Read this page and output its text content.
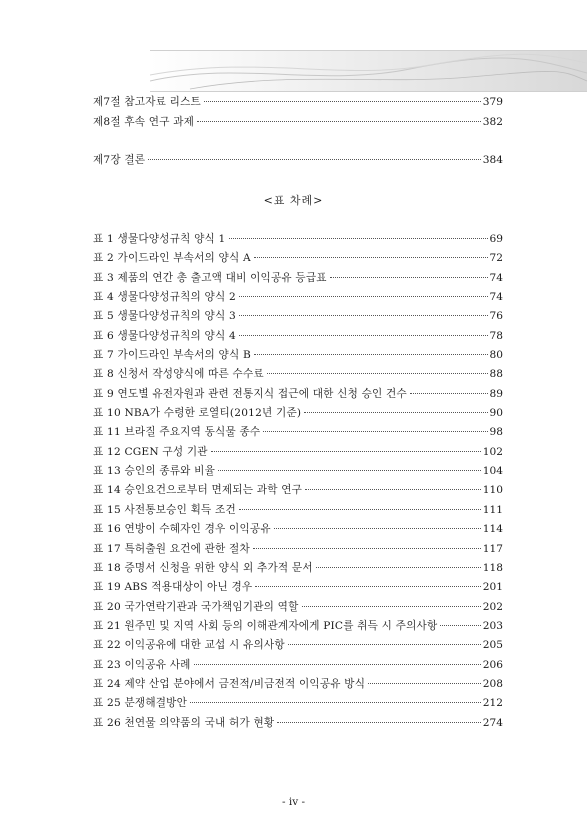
제7절 참고자료 리스트	379
제8절 후속 연구 과제	382
제7장 결론	384
<표 차례>
표 1 생물다양성규칙 양식 1	69
표 2 가이드라인 부속서의 양식 A	72
표 3 제품의 연간 총 출고액 대비 이익공유 등급표	74
표 4 생물다양성규칙의 양식 2	74
표 5 생물다양성규칙의 양식 3	76
표 6 생물다양성규칙의 양식 4	78
표 7 가이드라인 부속서의 양식 B	80
표 8 신청서 작성양식에 따른 수수료	88
표 9 연도별 유전자원과 관련 전통지식 접근에 대한 신청 승인 건수	89
표 10 NBA가 수령한 로열티(2012년 기준)	90
표 11 브라질 주요지역 동식물 종수	98
표 12 CGEN 구성 기관	102
표 13 승인의 종류와 비율	104
표 14 승인요건으로부터 면제되는 과학 연구	110
표 15 사전통보승인 획득 조건	111
표 16 연방이 수혜자인 경우 이익공유	114
표 17 특허출원 요건에 관한 절차	117
표 18 증명서 신청을 위한 양식 외 추가적 문서	118
표 19 ABS 적용대상이 아닌 경우	201
표 20 국가연락기관과 국가책임기관의 역할	202
표 21 원주민 및 지역 사회 등의 이해관계자에게 PIC를 취득 시 주의사항	203
표 22 이익공유에 대한 교섭 시 유의사항	205
표 23 이익공유 사례	206
표 24 제약 산업 분야에서 금전적/비금전적 이익공유 방식	208
표 25 분쟁해결방안	212
표 26 천연물 의약품의 국내 허가 현황	274
- iv -
